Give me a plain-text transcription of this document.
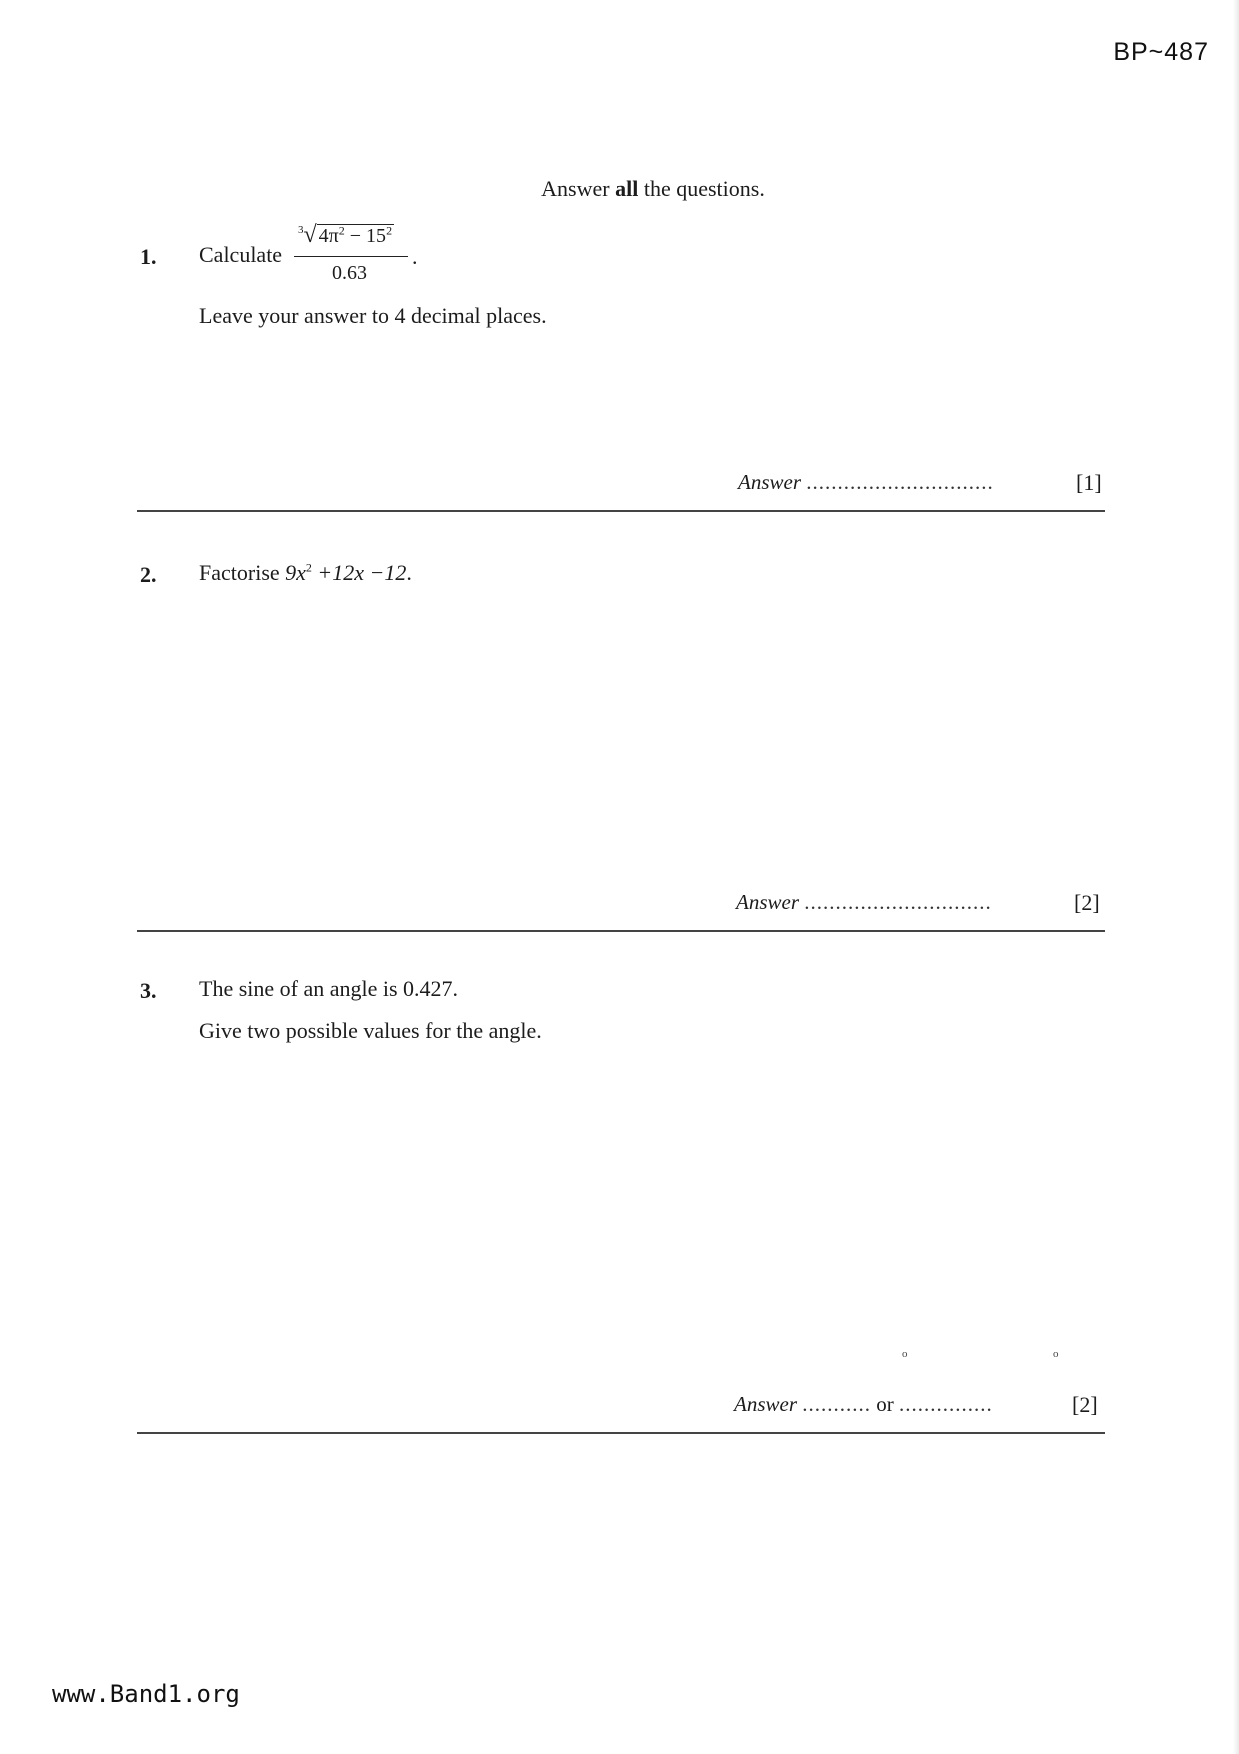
BP~487
Answer all the questions.
1. Calculate
$^3$√ $4\pi^2 - 15^2$
0.63
.
Leave your answer to 4 decimal places.
Answer ..............................	[1]
2. Factorise $9x^2 +12x -12$.
Answer ..............................	[2]
3. The sine of an angle is 0.427.
Give two possible values for the angle.
o	o
Answer ........... or ...............	[2]
www.Band1.org
